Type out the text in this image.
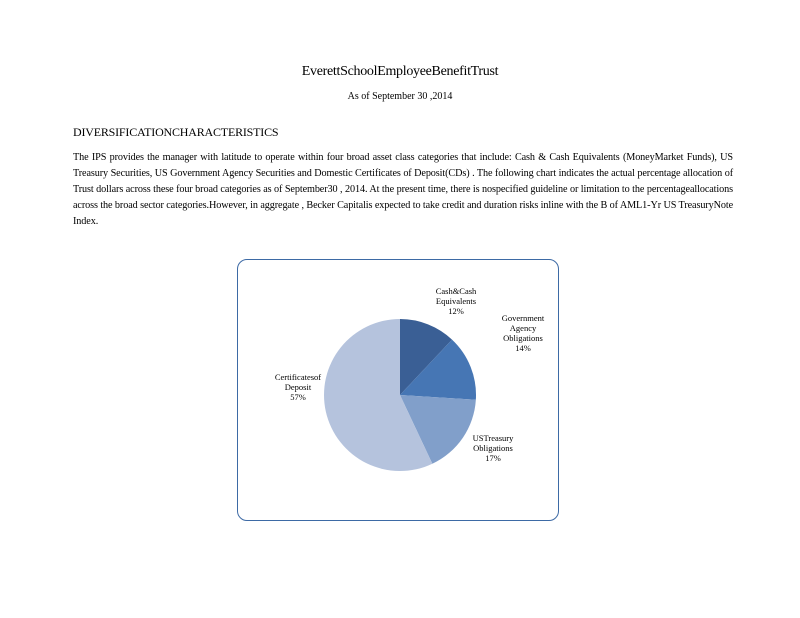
EverettSchoolEmployeeBenefitTrust
As of September 30 ,2014
DIVERSIFICATIONCHARACTERISTICS
The IPS provides the manager with latitude to operate within four broad asset class categories that include: Cash & Cash Equivalents (MoneyMarket Funds), US Treasury Securities, US Government Agency Securities and Domestic Certificates of Deposit(CDs) . The following chart indicates the actual percentage allocation of Trust dollars across these four broad categories as of September30 , 2014. At the present time, there is nospecified guideline or limitation to the percentageallocations across the broad sector categories.However, in aggregate , Becker Capitalis expected to take credit and duration risks inline with the B of AML1-Yr US TreasuryNote Index.
Cash&Cash Equivalents 12%
Government Agency Obligations 14%
USTreasury Obligations 17%
Certificatesof Deposit 57%
